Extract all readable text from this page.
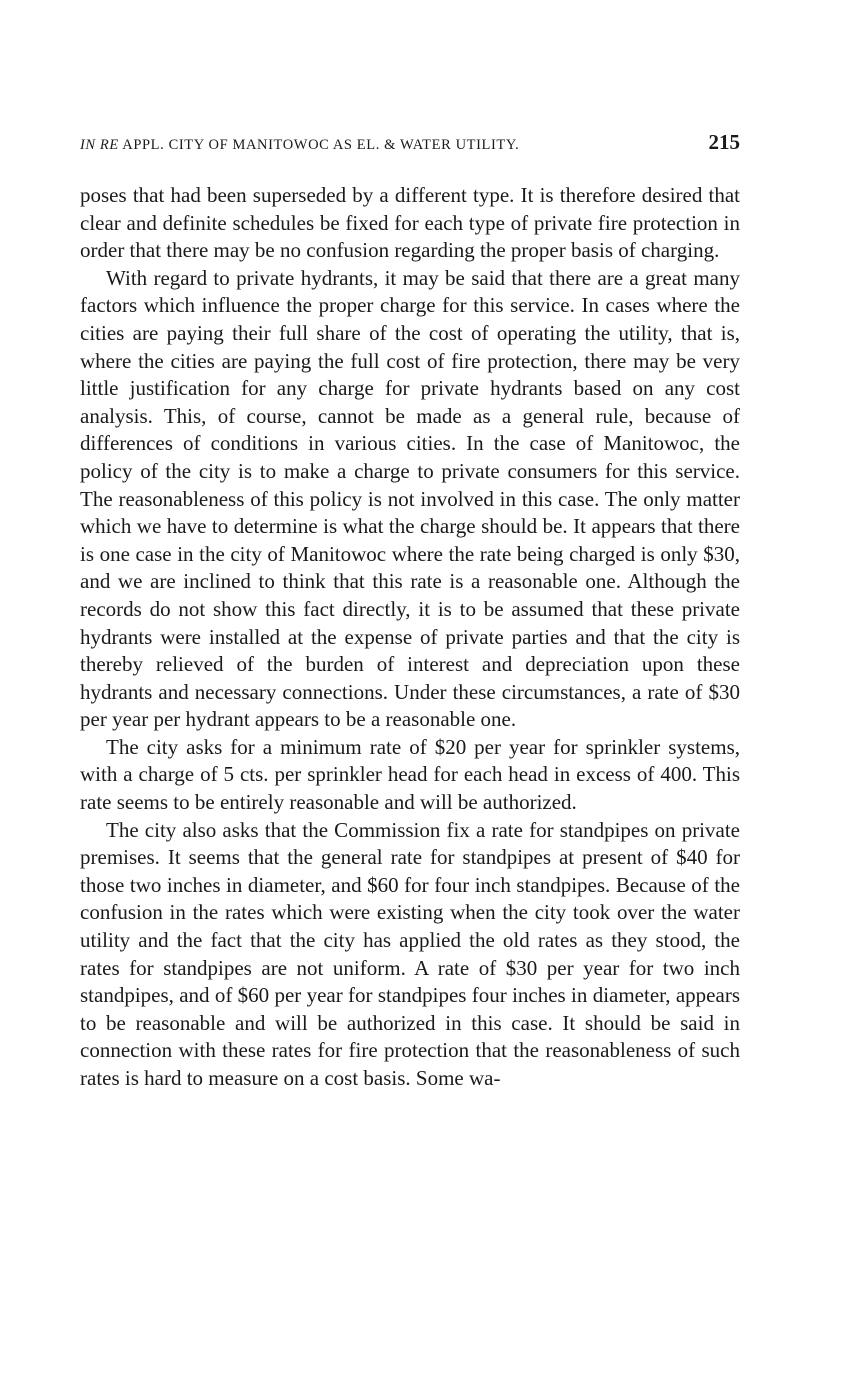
IN RE APPL. CITY OF MANITOWOC AS EL. & WATER UTILITY.	215

poses that had been superseded by a different type. It is therefore desired that clear and definite schedules be fixed for each type of private fire protection in order that there may be no confusion regarding the proper basis of charging.

With regard to private hydrants, it may be said that there are a great many factors which influence the proper charge for this service. In cases where the cities are paying their full share of the cost of operating the utility, that is, where the cities are paying the full cost of fire protection, there may be very little justification for any charge for private hydrants based on any cost analysis. This, of course, cannot be made as a general rule, because of differences of conditions in various cities. In the case of Manitowoc, the policy of the city is to make a charge to private consumers for this service. The reasonableness of this policy is not involved in this case. The only matter which we have to determine is what the charge should be. It appears that there is one case in the city of Manitowoc where the rate being charged is only $30, and we are inclined to think that this rate is a reasonable one. Although the records do not show this fact directly, it is to be assumed that these private hydrants were installed at the expense of private parties and that the city is thereby relieved of the burden of interest and depreciation upon these hydrants and necessary connections. Under these circumstances, a rate of $30 per year per hydrant appears to be a reasonable one.

The city asks for a minimum rate of $20 per year for sprinkler systems, with a charge of 5 cts. per sprinkler head for each head in excess of 400. This rate seems to be entirely reasonable and will be authorized.

The city also asks that the Commission fix a rate for standpipes on private premises. It seems that the general rate for standpipes at present of $40 for those two inches in diameter, and $60 for four inch standpipes. Because of the confusion in the rates which were existing when the city took over the water utility and the fact that the city has applied the old rates as they stood, the rates for standpipes are not uniform. A rate of $30 per year for two inch standpipes, and of $60 per year for standpipes four inches in diameter, appears to be reasonable and will be authorized in this case. It should be said in connection with these rates for fire protection that the reasonableness of such rates is hard to measure on a cost basis. Some wa-
